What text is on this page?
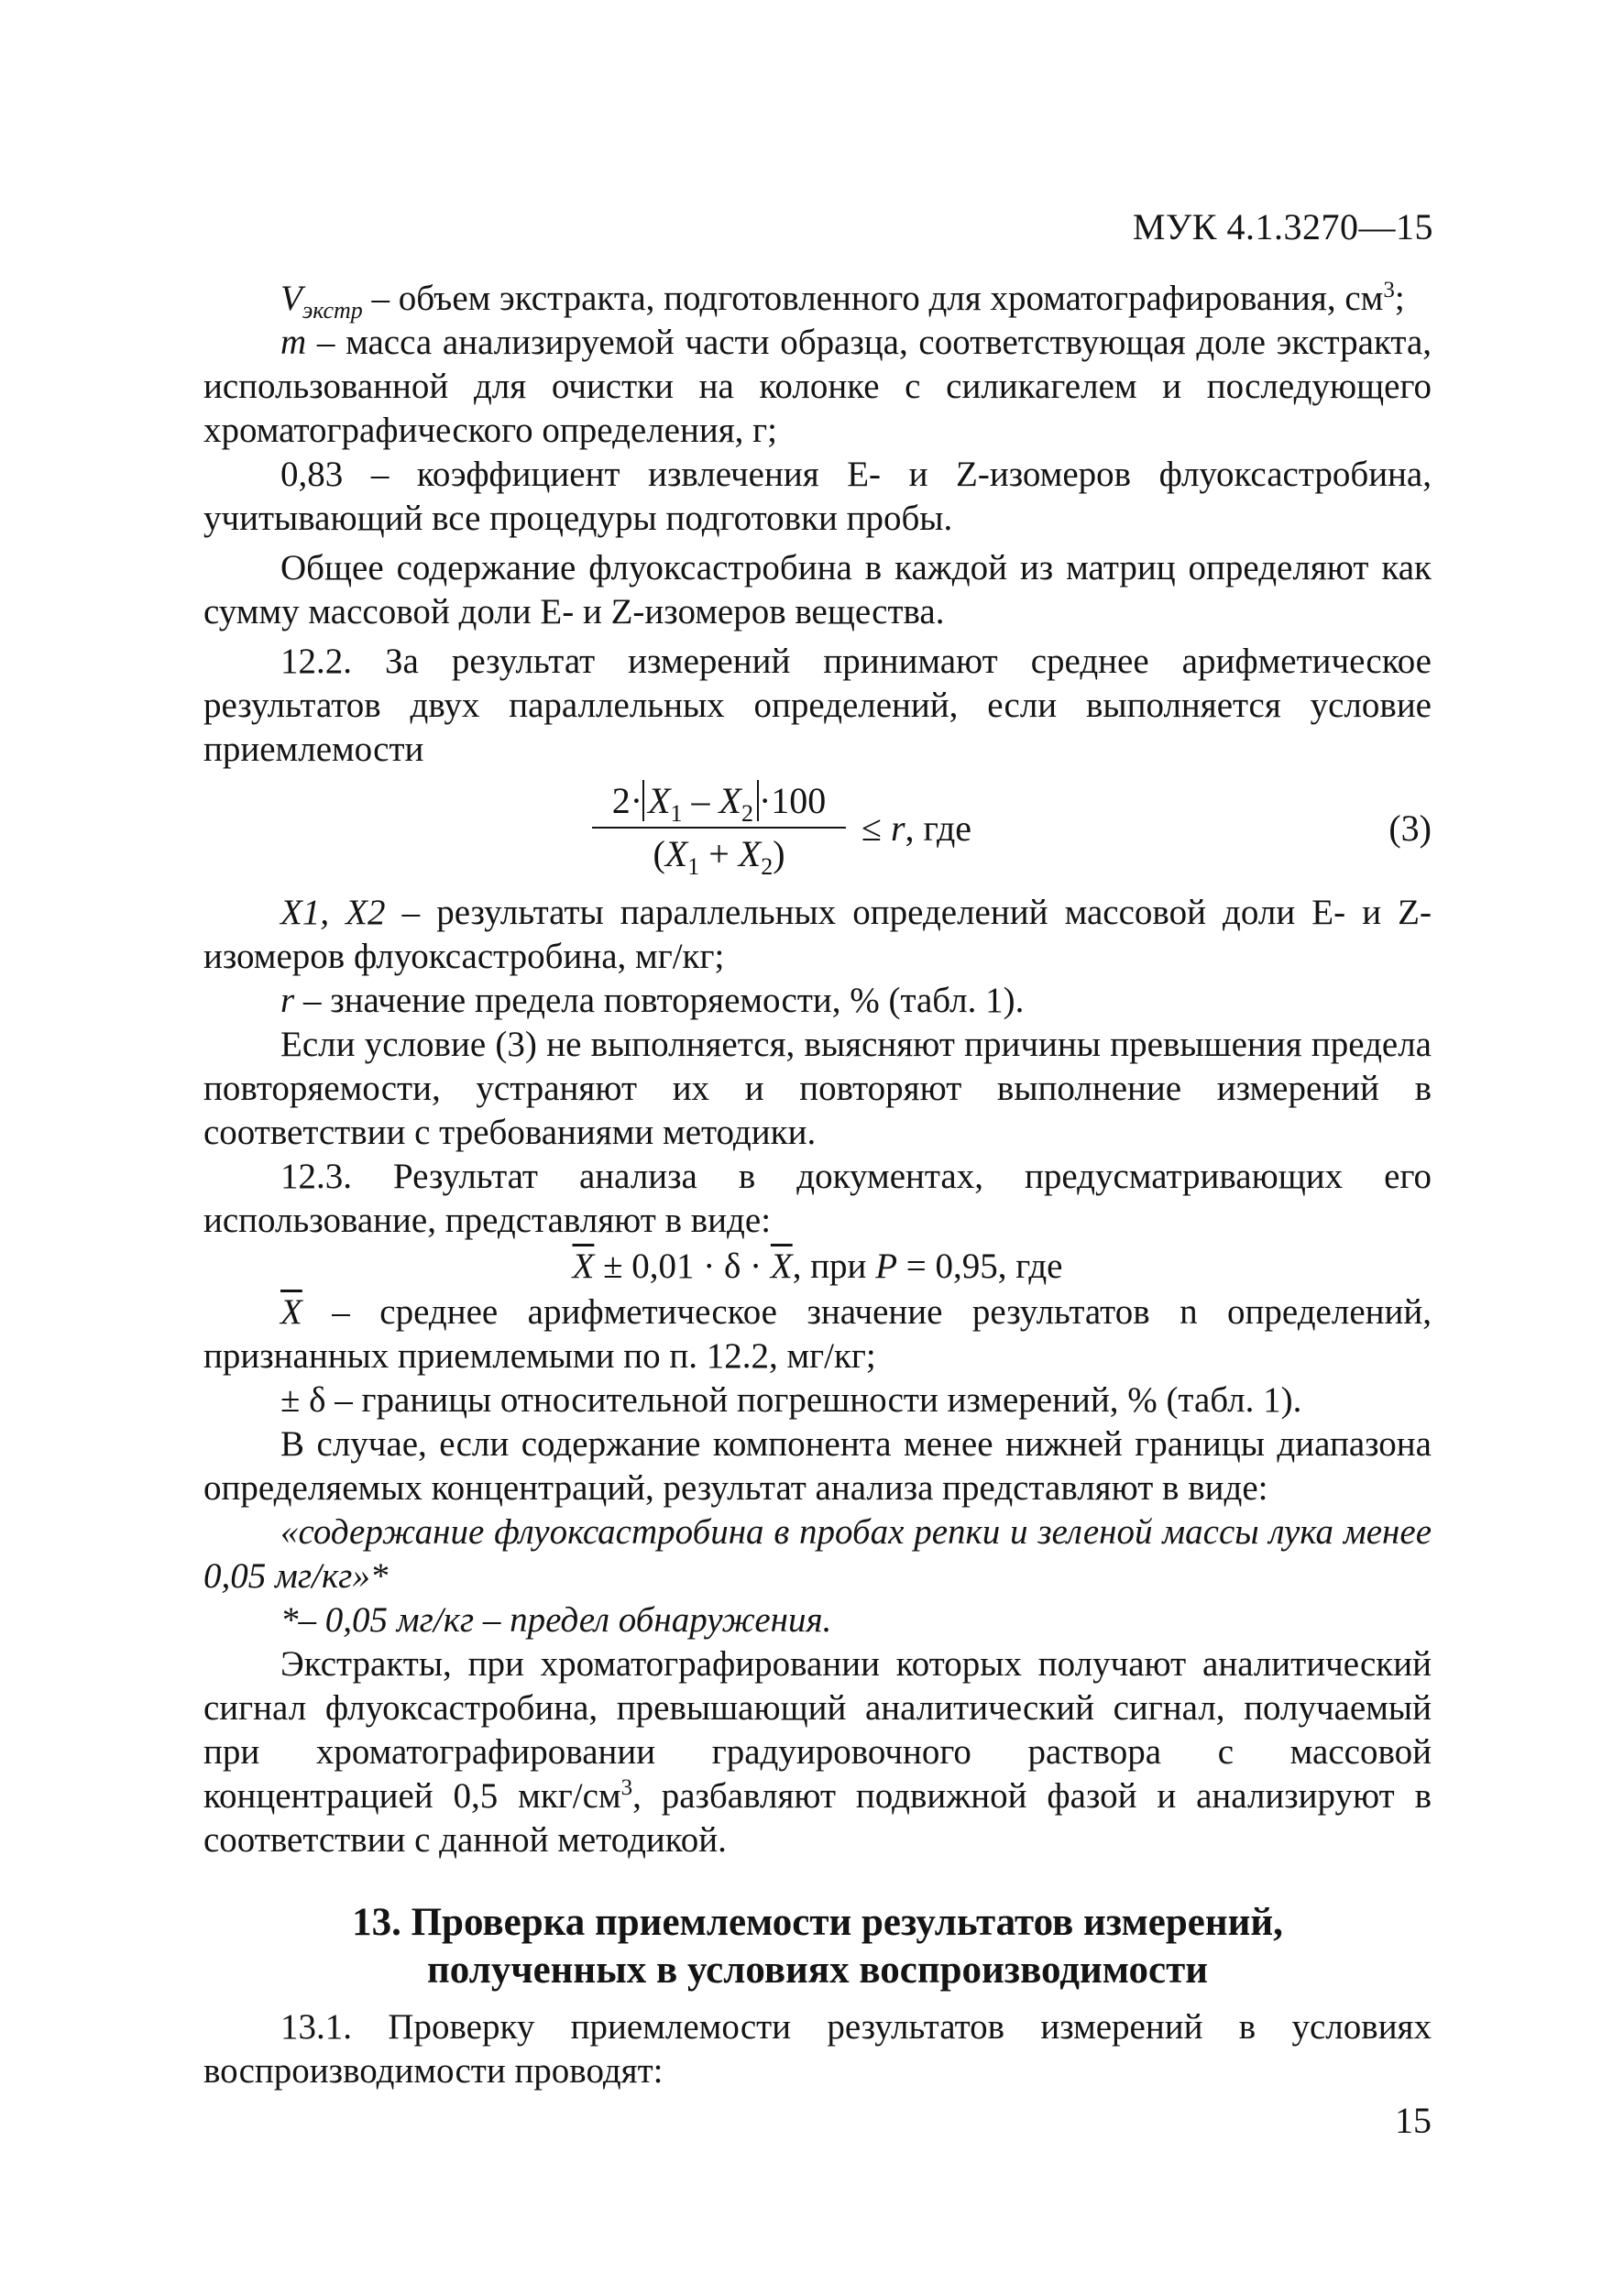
МУК 4.1.3270—15

$V_{экстр}$ – объем экстракта, подготовленного для хроматографирования, $см^3$;

m – масса анализируемой части образца, соответствующая доле экстракта, использованной для очистки на колонке с силикагелем и последующего хроматографического определения, г;

0,83 – коэффициент извлечения Е- и Z-изомеров флуоксастробина, учитывающий все процедуры подготовки пробы.

Общее содержание флуоксастробина в каждой из матриц определяют как сумму массовой доли Е- и Z-изомеров вещества.

12.2. За результат измерений принимают среднее арифметическое результатов двух параллельных определений, если выполняется условие приемлемости

$2\cdot X_1 - X_2 \cdot 100$
$(X_1 + X_2)$
≤ r, где	(3)

X1, X2 – результаты параллельных определений массовой доли Е- и Z-изомеров флуоксастробина, мг/кг;

r – значение предела повторяемости, % (табл. 1).

Если условие (3) не выполняется, выясняют причины превышения предела повторяемости, устраняют их и повторяют выполнение измерений в соответствии с требованиями методики.

12.3. Результат анализа в документах, предусматривающих его использование, представляют в виде:

$\overline{X} \pm 0,01 \cdot \delta \cdot \overline{X}$, при P = 0,95, где

$\overline{X}$ – среднее арифметическое значение результатов n определений, признанных приемлемыми по п. 12.2, мг/кг;

± δ – границы относительной погрешности измерений, % (табл. 1).

В случае, если содержание компонента менее нижней границы диапазона определяемых концентраций, результат анализа представляют в виде:

«содержание флуоксастробина в пробах репки и зеленой массы лука менее 0,05 мг/кг»*

*– 0,05 мг/кг – предел обнаружения.

Экстракты, при хроматографировании которых получают аналитический сигнал флуоксастробина, превышающий аналитический сигнал, получаемый при хроматографировании градуировочного раствора с массовой концентрацией 0,5 мкг/$см^3$, разбавляют подвижной фазой и анализируют в соответствии с данной методикой.

13. Проверка приемлемости результатов измерений,
полученных в условиях воспроизводимости

13.1. Проверку приемлемости результатов измерений в условиях воспроизводимости проводят:

15
